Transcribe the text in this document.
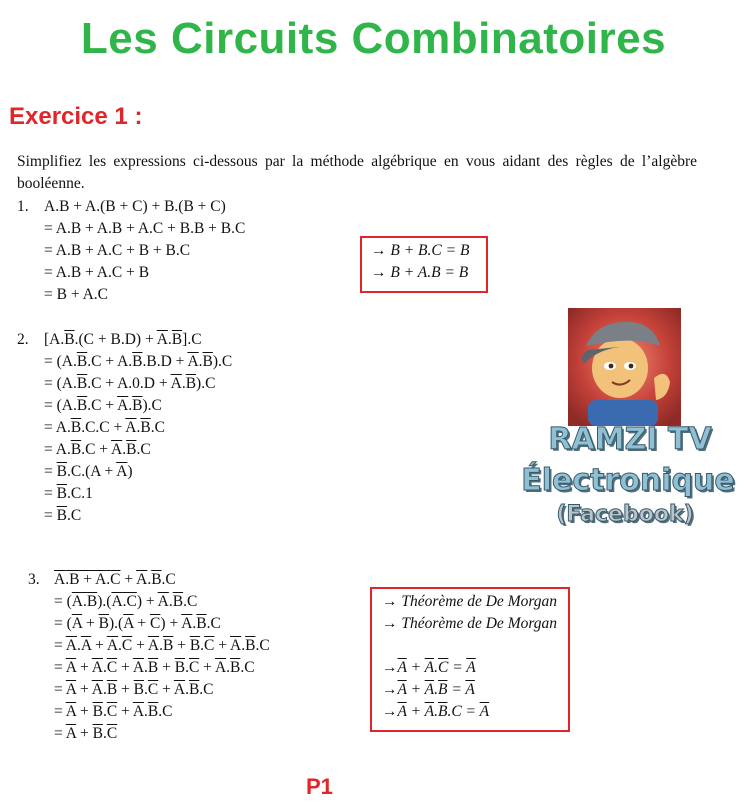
Les Circuits Combinatoires
Exercice 1 :
Simplifiez les expressions ci-dessous par la méthode algébrique en vous aidant des règles de l’algèbre booléenne.
1. A.B + A.(B + C) + B.(B + C)
= A.B + A.B + A.C + B.B + B.C
= A.B + A.C + B + B.C
= A.B + A.C + B
= B + A.C
→ B + B.C = B
→ B + A.B = B
2. $[A.\overline{B}.(C + B.D) + \overline{A}.\overline{B}].C$
= $(A.\overline{B}.C + A.\overline{B}.B.D + \overline{A}.\overline{B}).C$
= $(A.\overline{B}.C + A.0.D + \overline{A}.\overline{B}).C$
= $(A.\overline{B}.C + \overline{A}.\overline{B}).C$
= $A.\overline{B}.C.C + \overline{A}.\overline{B}.C$
= $A.\overline{B}.C + \overline{A}.\overline{B}.C$
= $\overline{B}.C.(A + \overline{A})$
= $\overline{B}.C.1$
= $\overline{B}.C$
3. $A.B + A.C + \overline{A}.\overline{B}.C$
= $(A.B).(A.C) + \overline{A}.\overline{B}.C$
= $(\overline{A} + \overline{B}).(\overline{A} + \overline{C}) + \overline{A}.\overline{B}.C$
= $\overline{A}.\overline{A} + \overline{A}.\overline{C} + \overline{A}.\overline{B} + \overline{B}.\overline{C} + \overline{A}.\overline{B}.C$
= $\overline{A} + \overline{A}.\overline{C} + \overline{A}.\overline{B} + \overline{B}.\overline{C} + \overline{A}.\overline{B}.C$
= $\overline{A} + \overline{A}.\overline{B} + \overline{B}.\overline{C} + \overline{A}.\overline{B}.C$
= $\overline{A} + \overline{B}.\overline{C} + \overline{A}.\overline{B}.C$
= $\overline{A} + \overline{B}.\overline{C}$
→ Théorème de De Morgan
→ Théorème de De Morgan
$\to\overline{A} + \overline{A}.\overline{C} = \overline{A}$
$\to\overline{A} + \overline{A}.\overline{B} = \overline{A}$
$\to\overline{A} + \overline{A}.\overline{B}.C = \overline{A}$
RAMZI TV
Électronique
(Facebook)
P1
